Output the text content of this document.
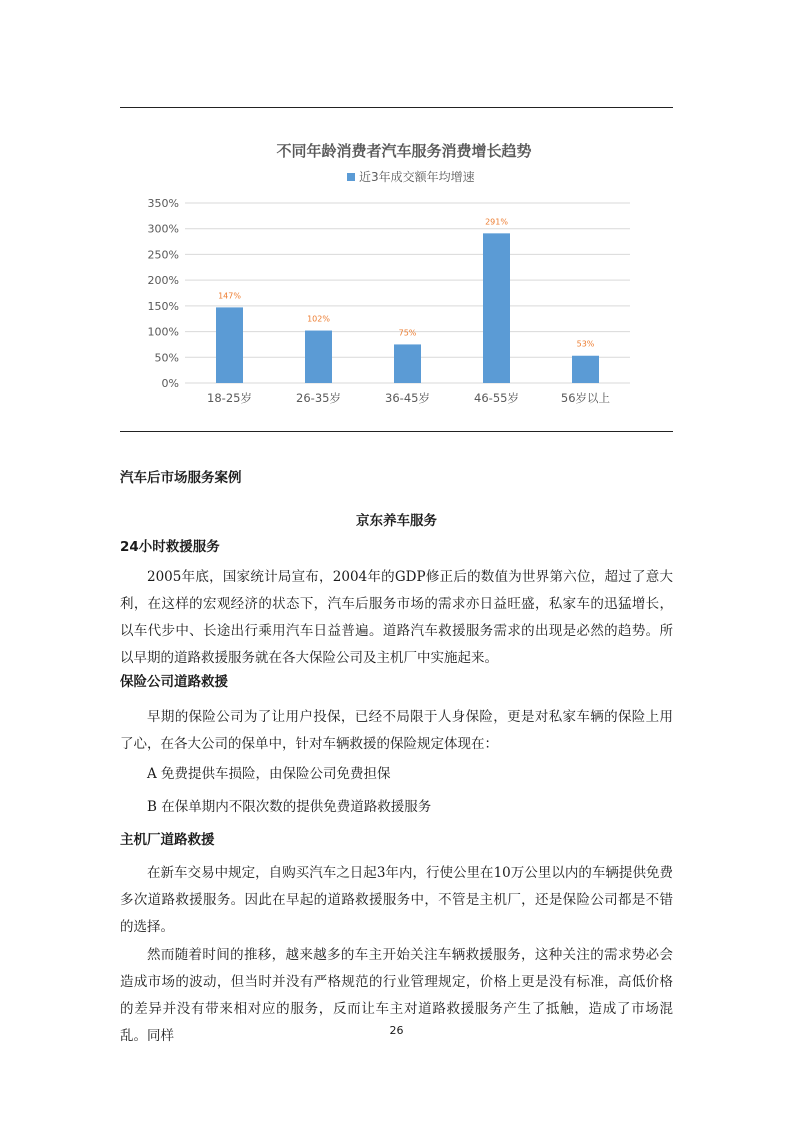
不同年龄消费者汽车服务消费增长趋势
近3年成交额年均增速
0%
50%
100%
150%
200%
250%
300%
350%
147%
18-25岁
102%
26-35岁
75%
36-45岁
291%
46-55岁
53%
56岁以上
汽车后市场服务案例
京东养车服务
24小时救援服务
2005年底，国家统计局宣布，2004年的GDP修正后的数值为世界第六位，超过了意大利，在这样的宏观经济的状态下，汽车后服务市场的需求亦日益旺盛，私家车的迅猛增长，以车代步中、长途出行乘用汽车日益普遍。道路汽车救援服务需求的出现是必然的趋势。所以早期的道路救援服务就在各大保险公司及主机厂中实施起来。
保险公司道路救援
早期的保险公司为了让用户投保，已经不局限于人身保险，更是对私家车辆的保险上用了心，在各大公司的保单中，针对车辆救援的保险规定体现在：
A 免费提供车损险，由保险公司免费担保
B 在保单期内不限次数的提供免费道路救援服务
主机厂道路救援
在新车交易中规定，自购买汽车之日起3年内，行使公里在10万公里以内的车辆提供免费多次道路救援服务。因此在早起的道路救援服务中，不管是主机厂，还是保险公司都是不错的选择。
然而随着时间的推移，越来越多的车主开始关注车辆救援服务，这种关注的需求势必会造成市场的波动，但当时并没有严格规范的行业管理规定，价格上更是没有标准，高低价格的差异并没有带来相对应的服务，反而让车主对道路救援服务产生了抵触，造成了市场混乱。同样	26
